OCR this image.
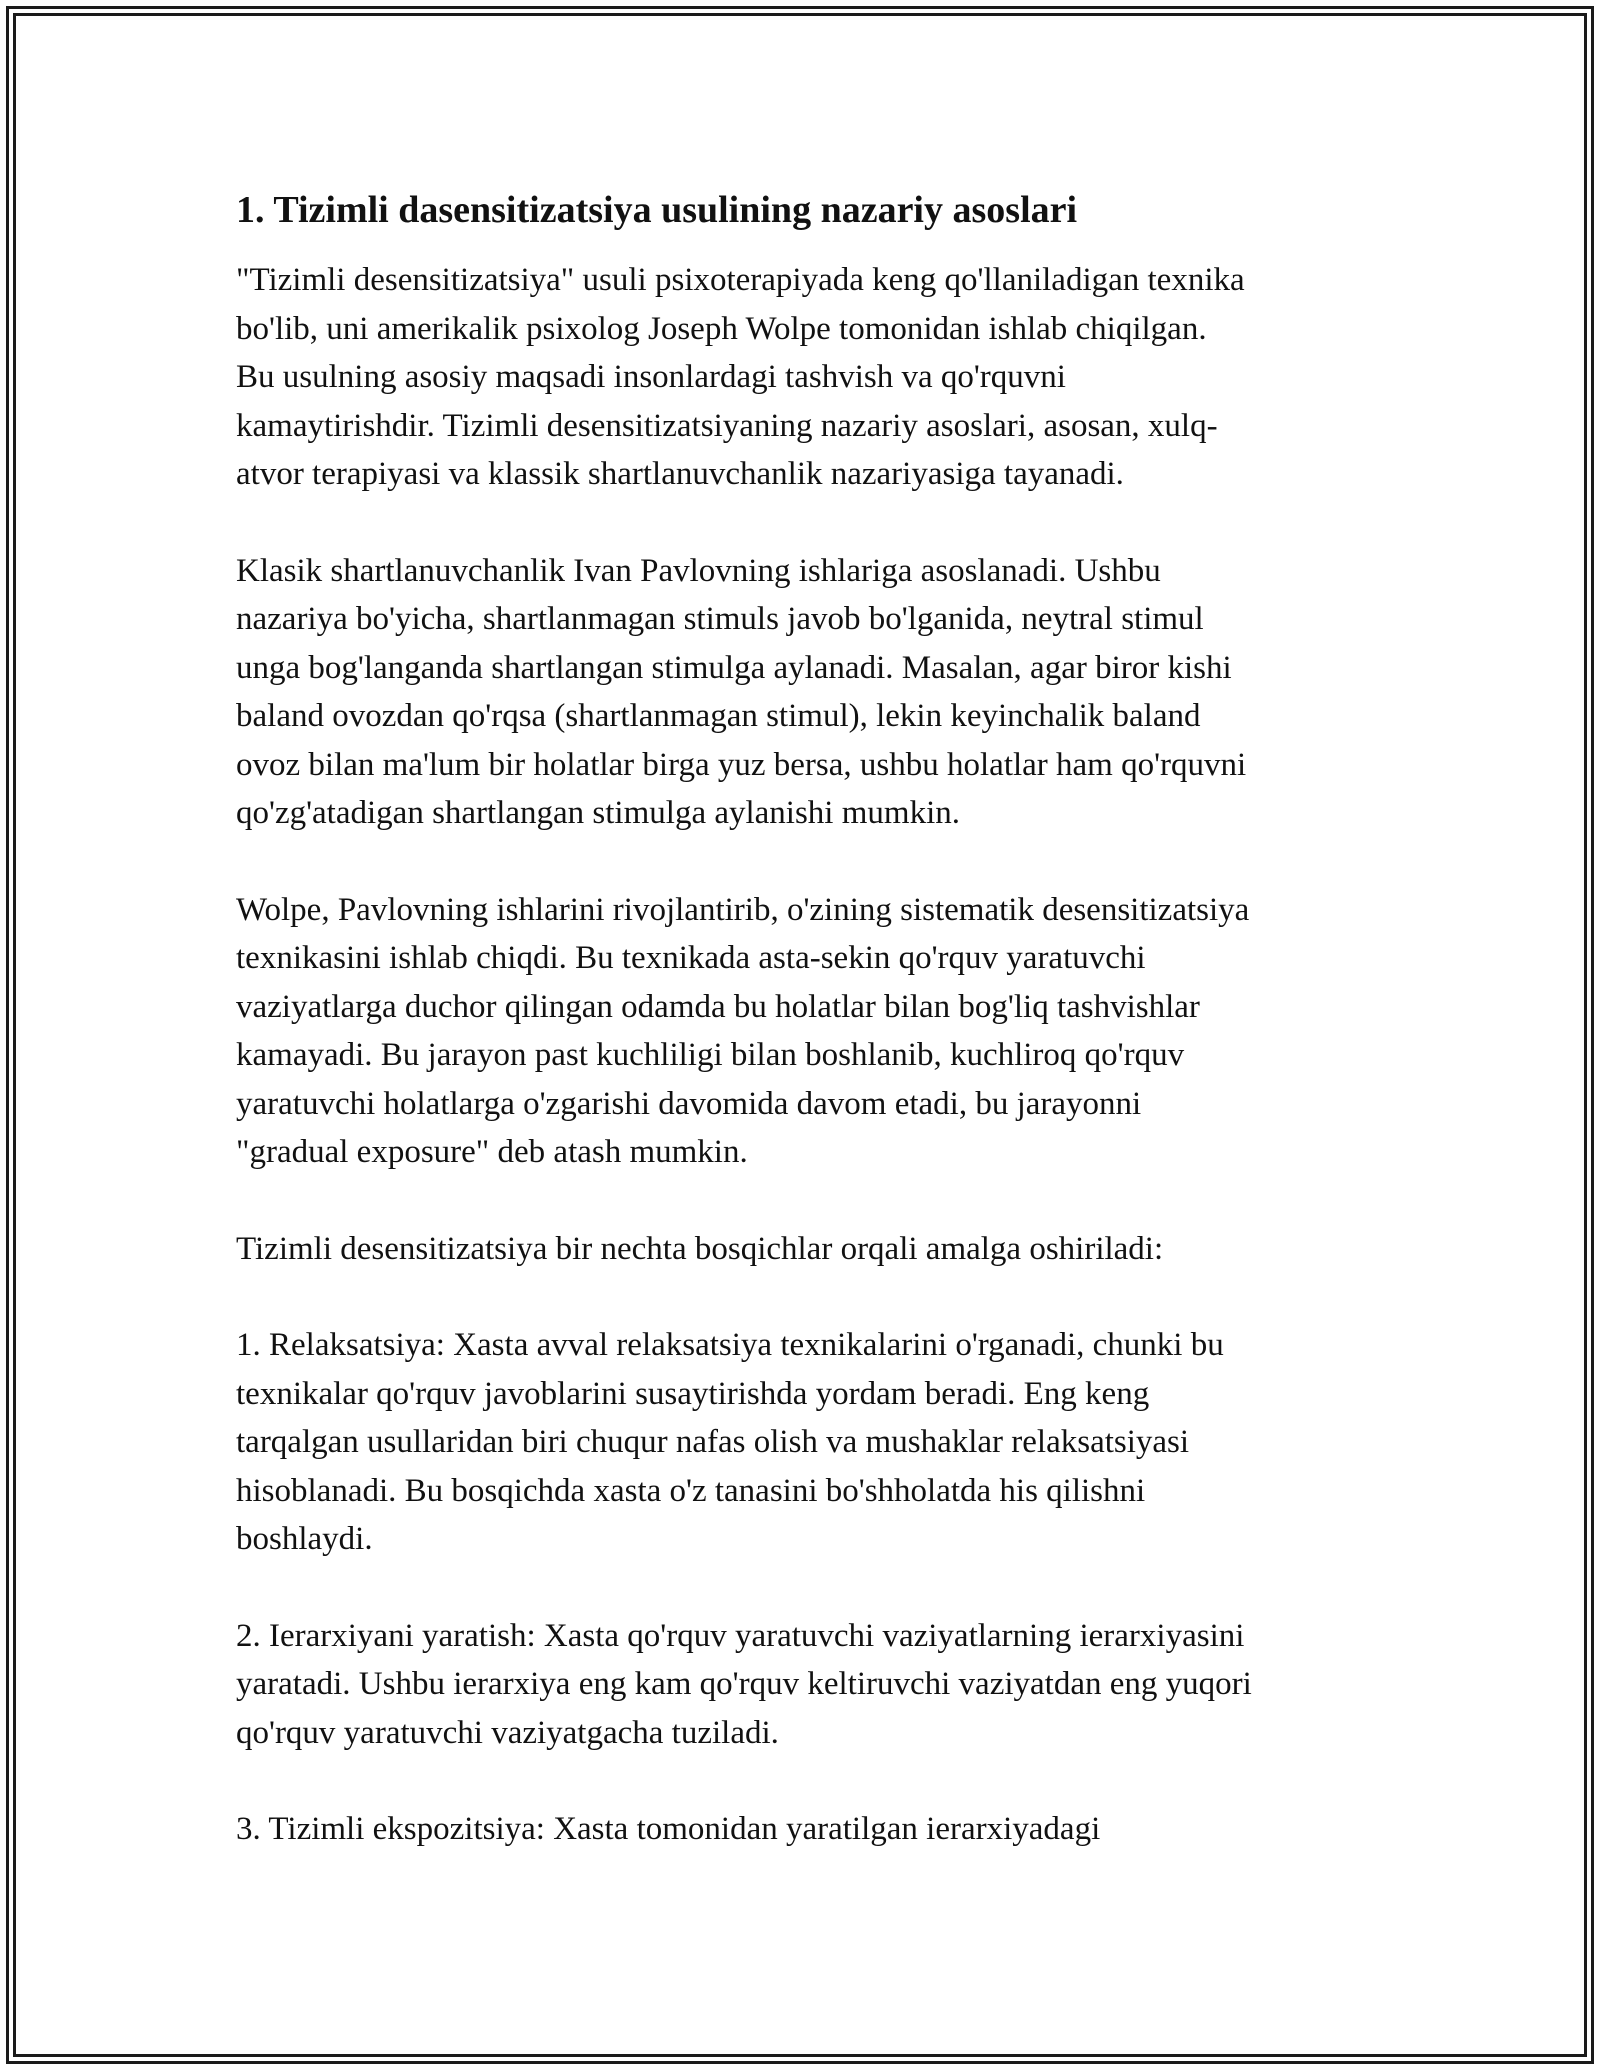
1. Tizimli dasensitizatsiya usulining nazariy asoslari
"Tizimli desensitizatsiya" usuli psixoterapiyada keng qo'llaniladigan texnika
bo'lib, uni amerikalik psixolog Joseph Wolpe tomonidan ishlab chiqilgan.
Bu usulning asosiy maqsadi insonlardagi tashvish va qo'rquvni
kamaytirishdir. Tizimli desensitizatsiyaning nazariy asoslari, asosan, xulq-
atvor terapiyasi va klassik shartlanuvchanlik nazariyasiga tayanadi.
Klasik shartlanuvchanlik Ivan Pavlovning ishlariga asoslanadi. Ushbu
nazariya bo'yicha, shartlanmagan stimuls javob bo'lganida, neytral stimul
unga bog'langanda shartlangan stimulga aylanadi. Masalan, agar biror kishi
baland ovozdan qo'rqsa (shartlanmagan stimul), lekin keyinchalik baland
ovoz bilan ma'lum bir holatlar birga yuz bersa, ushbu holatlar ham qo'rquvni
qo'zg'atadigan shartlangan stimulga aylanishi mumkin.
Wolpe, Pavlovning ishlarini rivojlantirib, o'zining sistematik desensitizatsiya
texnikasini ishlab chiqdi. Bu texnikada asta-sekin qo'rquv yaratuvchi
vaziyatlarga duchor qilingan odamda bu holatlar bilan bog'liq tashvishlar
kamayadi. Bu jarayon past kuchliligi bilan boshlanib, kuchliroq qo'rquv
yaratuvchi holatlarga o'zgarishi davomida davom etadi, bu jarayonni
"gradual exposure" deb atash mumkin.
Tizimli desensitizatsiya bir nechta bosqichlar orqali amalga oshiriladi:
1. Relaksatsiya: Xasta avval relaksatsiya texnikalarini o'rganadi, chunki bu
texnikalar qo'rquv javoblarini susaytirishda yordam beradi. Eng keng
tarqalgan usullaridan biri chuqur nafas olish va mushaklar relaksatsiyasi
hisoblanadi. Bu bosqichda xasta o'z tanasini bo'shholatda his qilishni
boshlaydi.
2. Ierarxiyani yaratish: Xasta qo'rquv yaratuvchi vaziyatlarning ierarxiyasini
yaratadi. Ushbu ierarxiya eng kam qo'rquv keltiruvchi vaziyatdan eng yuqori
qo'rquv yaratuvchi vaziyatgacha tuziladi.
3. Tizimli ekspozitsiya: Xasta tomonidan yaratilgan ierarxiyadagi
